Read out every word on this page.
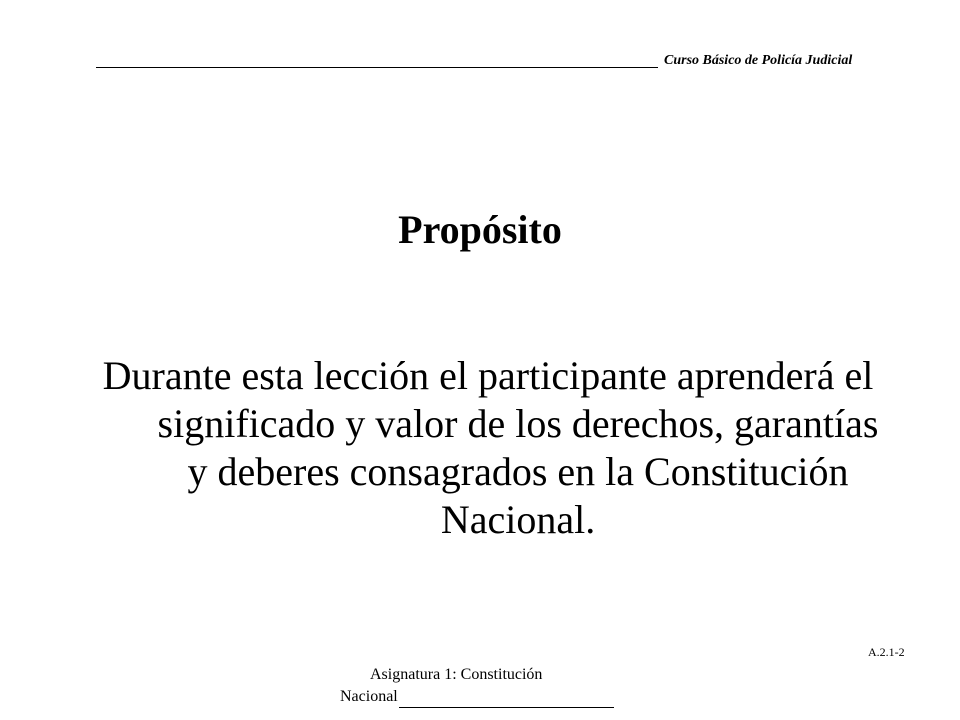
Curso Básico de Policía Judicial
Propósito
Durante esta lección el participante aprenderá el significado y valor de los derechos, garantías y deberes consagrados en la Constitución Nacional.
A.2.1-2
Asignatura 1: Constitución
Nacional
